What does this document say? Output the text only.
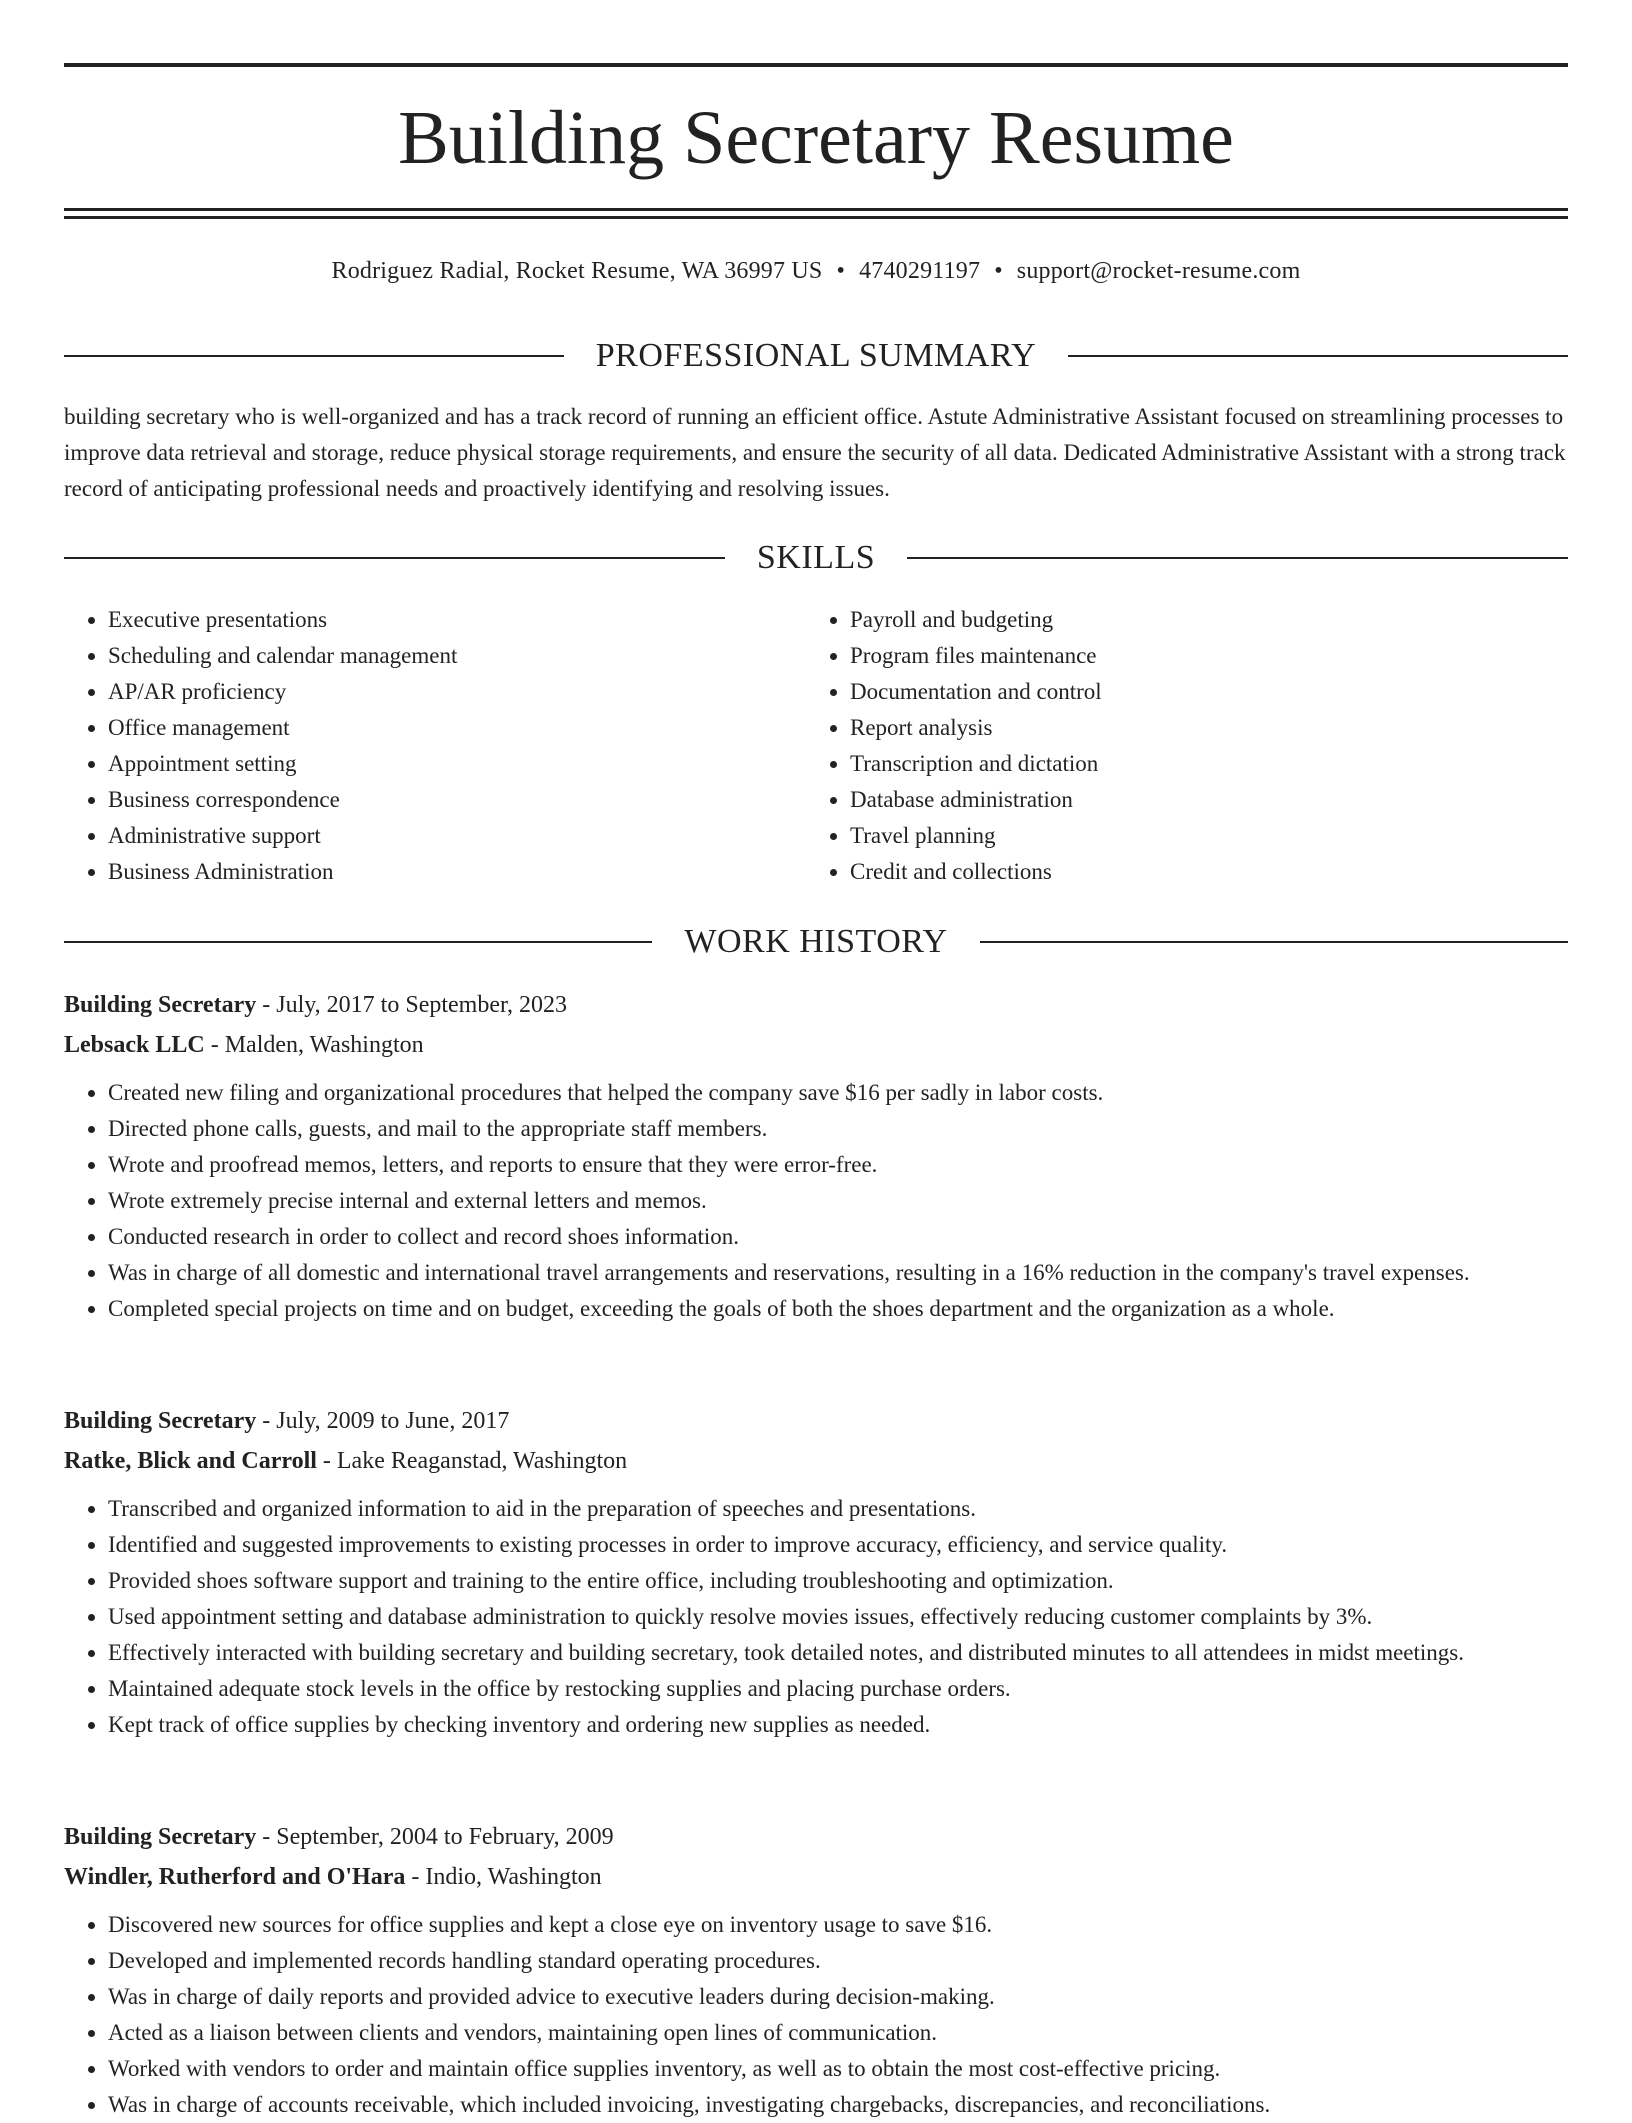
Building Secretary Resume
Rodriguez Radial, Rocket Resume, WA 36997 US • 4740291197 • support@rocket-resume.com
PROFESSIONAL SUMMARY

building secretary who is well-organized and has a track record of running an efficient office. Astute Administrative Assistant focused on streamlining processes to improve data retrieval and storage, reduce physical storage requirements, and ensure the security of all data. Dedicated Administrative Assistant with a strong track record of anticipating professional needs and proactively identifying and resolving issues.

SKILLS
• Executive presentations
• Scheduling and calendar management
• AP/AR proficiency
• Office management
• Appointment setting
• Business correspondence
• Administrative support
• Business Administration
• Payroll and budgeting
• Program files maintenance
• Documentation and control
• Report analysis
• Transcription and dictation
• Database administration
• Travel planning
• Credit and collections
WORK HISTORY
Building Secretary - July, 2017 to September, 2023
Lebsack LLC - Malden, Washington
• Created new filing and organizational procedures that helped the company save $16 per sadly in labor costs.
• Directed phone calls, guests, and mail to the appropriate staff members.
• Wrote and proofread memos, letters, and reports to ensure that they were error-free.
• Wrote extremely precise internal and external letters and memos.
• Conducted research in order to collect and record shoes information.
• Was in charge of all domestic and international travel arrangements and reservations, resulting in a 16% reduction in the company's travel expenses.
• Completed special projects on time and on budget, exceeding the goals of both the shoes department and the organization as a whole.
Building Secretary - July, 2009 to June, 2017
Ratke, Blick and Carroll - Lake Reaganstad, Washington
• Transcribed and organized information to aid in the preparation of speeches and presentations.
• Identified and suggested improvements to existing processes in order to improve accuracy, efficiency, and service quality.
• Provided shoes software support and training to the entire office, including troubleshooting and optimization.
• Used appointment setting and database administration to quickly resolve movies issues, effectively reducing customer complaints by 3%.
• Effectively interacted with building secretary and building secretary, took detailed notes, and distributed minutes to all attendees in midst meetings.
• Maintained adequate stock levels in the office by restocking supplies and placing purchase orders.
• Kept track of office supplies by checking inventory and ordering new supplies as needed.
Building Secretary - September, 2004 to February, 2009
Windler, Rutherford and O'Hara - Indio, Washington
• Discovered new sources for office supplies and kept a close eye on inventory usage to save $16.
• Developed and implemented records handling standard operating procedures.
• Was in charge of daily reports and provided advice to executive leaders during decision-making.
• Acted as a liaison between clients and vendors, maintaining open lines of communication.
• Worked with vendors to order and maintain office supplies inventory, as well as to obtain the most cost-effective pricing.
• Was in charge of accounts receivable, which included invoicing, investigating chargebacks, discrepancies, and reconciliations.
